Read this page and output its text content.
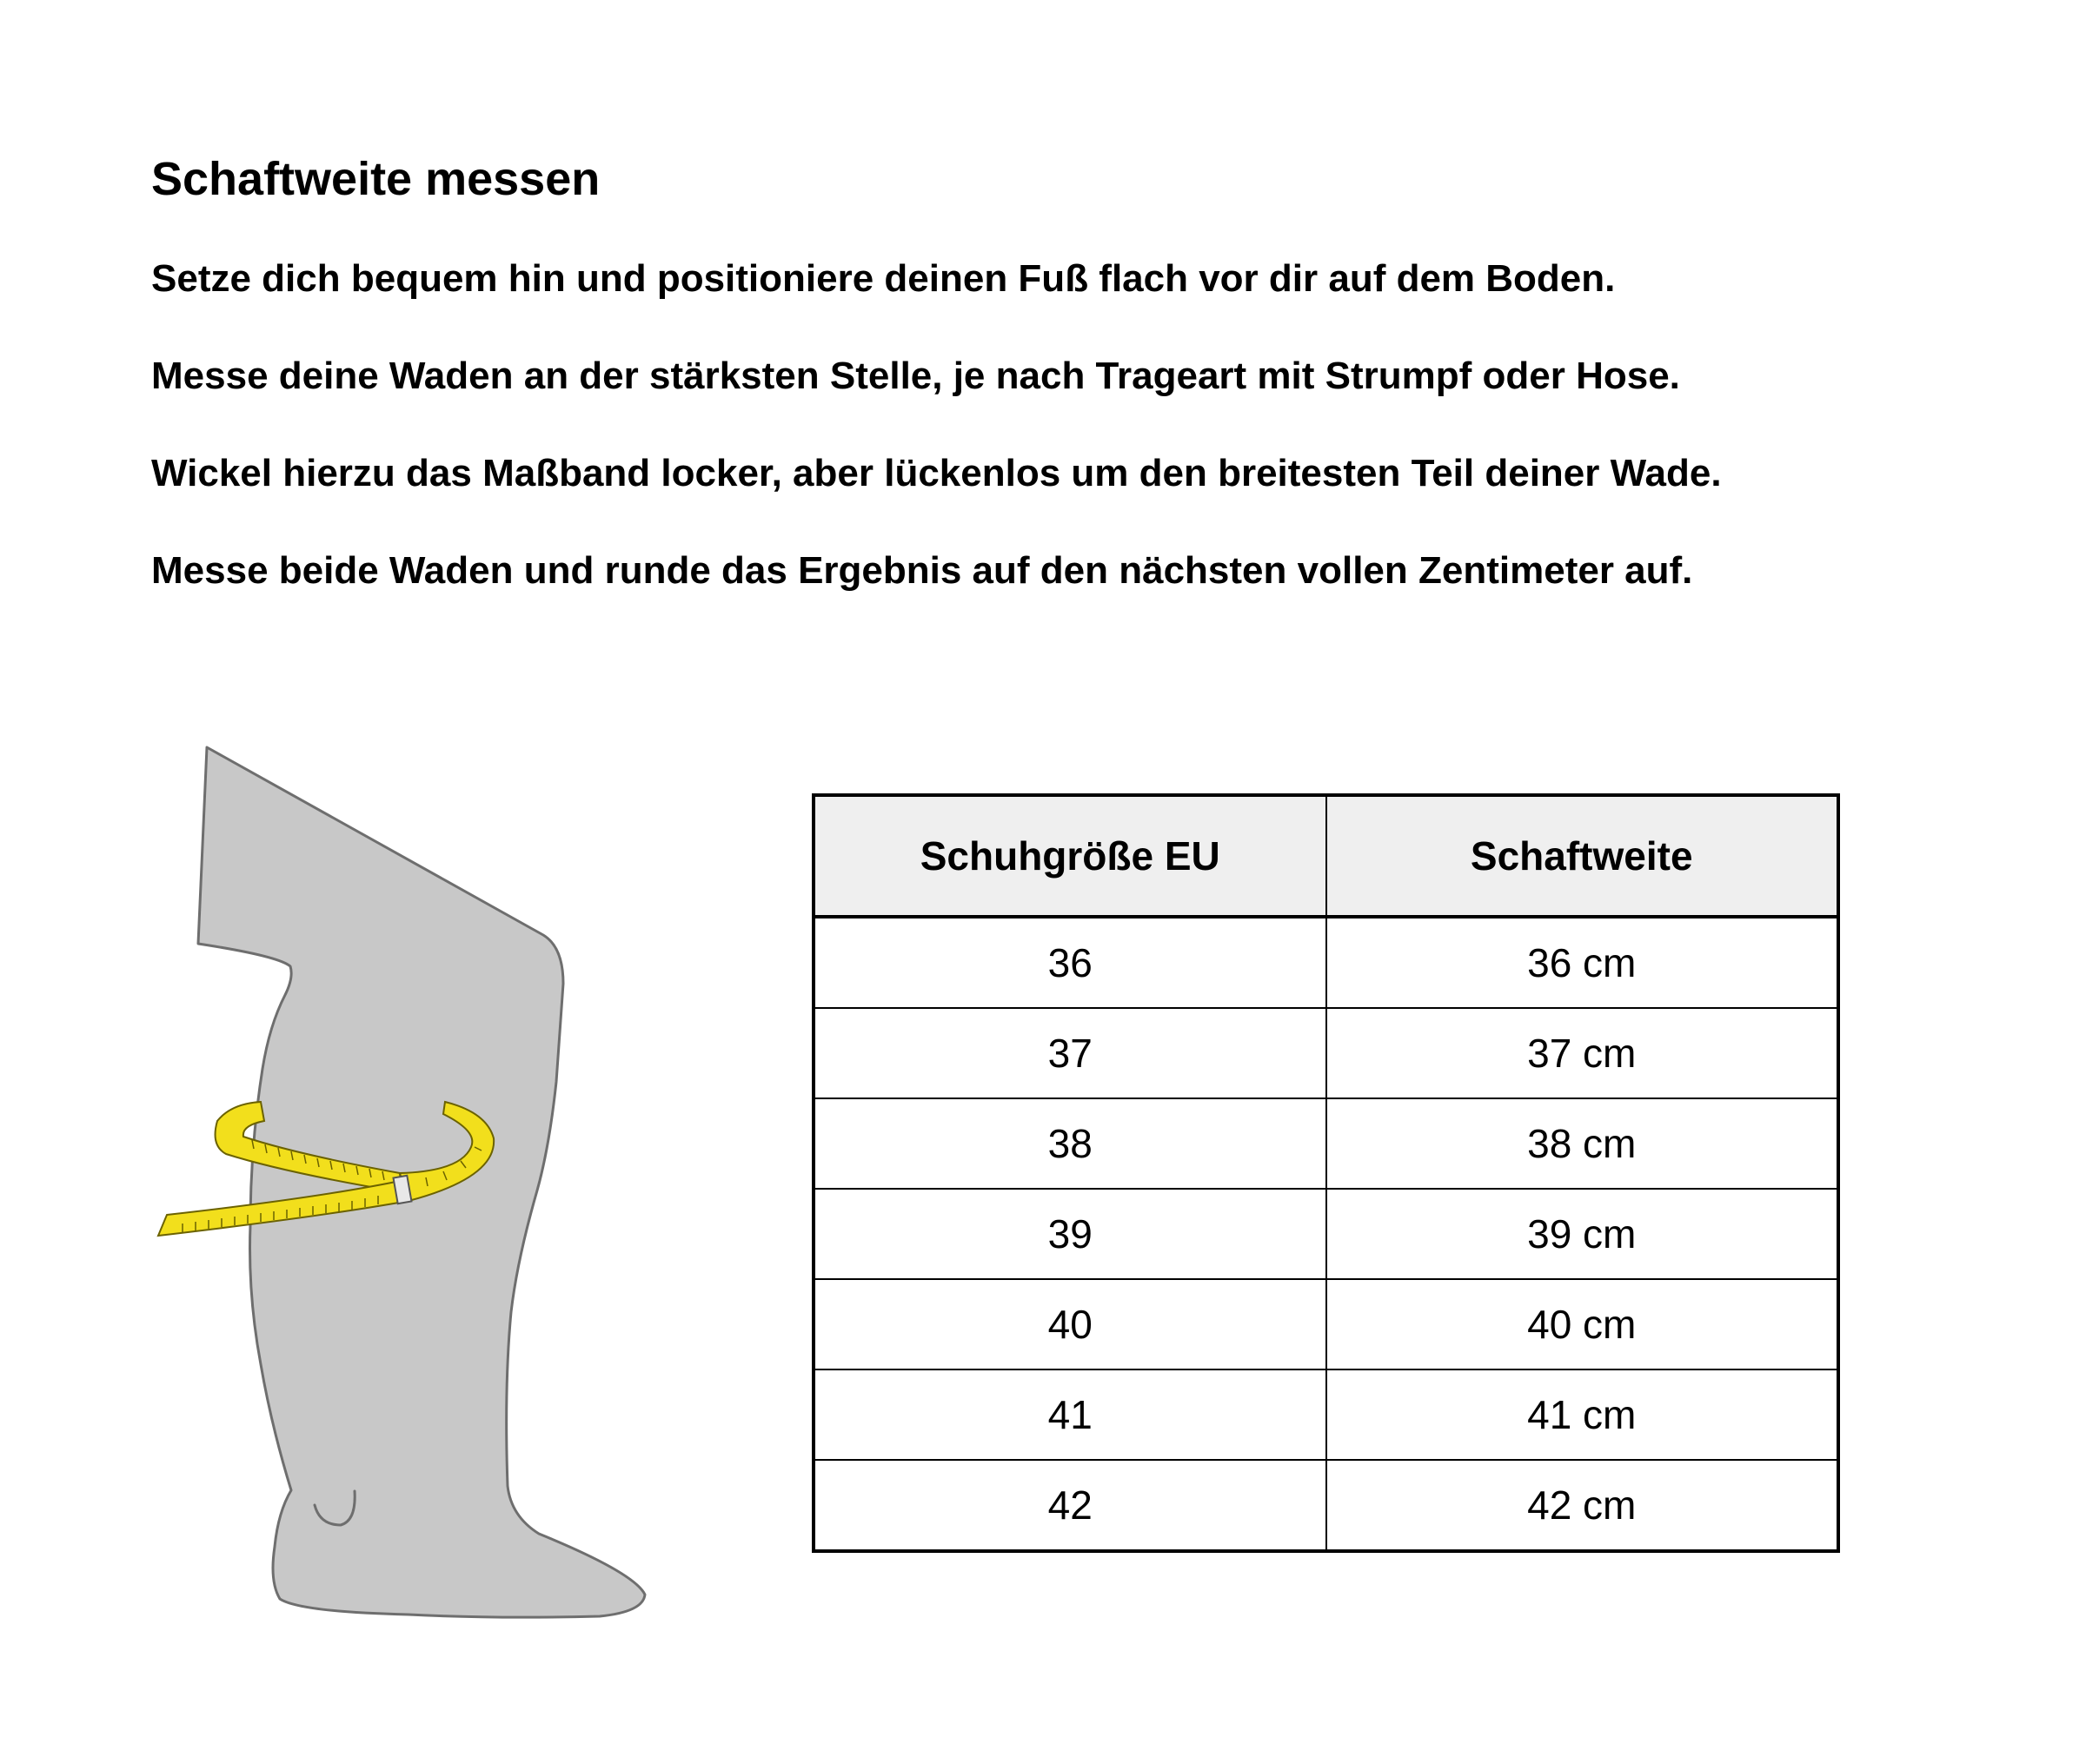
Schaftweite messen
Setze dich bequem hin und positioniere deinen Fuß flach vor dir auf dem Boden.
Messe deine Waden an der stärksten Stelle, je nach Trageart mit Strumpf oder Hose.
Wickel hierzu das Maßband locker, aber lückenlos um den breitesten Teil deiner Wade.
Messe beide Waden und runde das Ergebnis auf den nächsten vollen Zentimeter auf.
Schuhgröße EU	Schaftweite
36	36 cm
37	37 cm
38	38 cm
39	39 cm
40	40 cm
41	41 cm
42	42 cm
